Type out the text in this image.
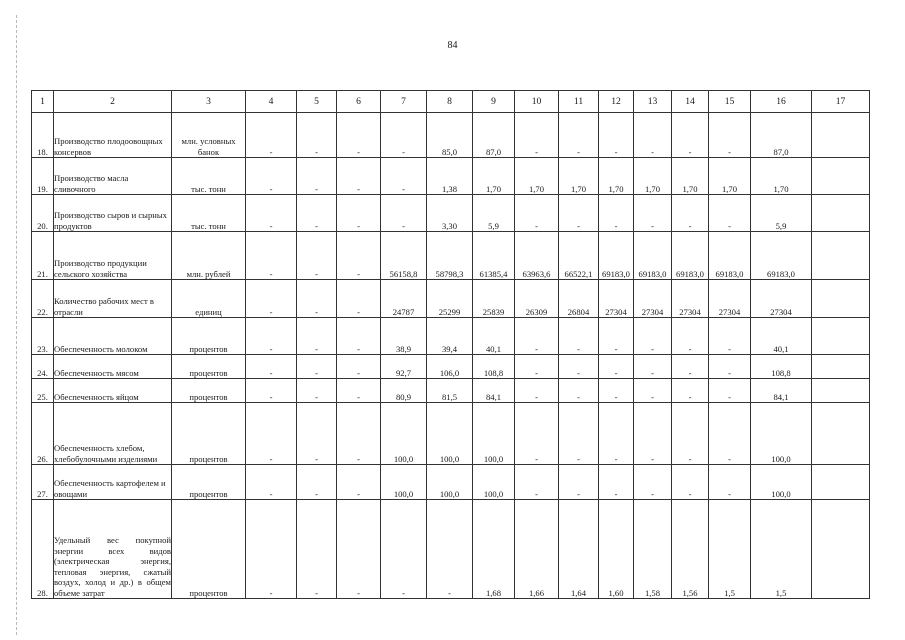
84
1	2	3	4	5	6	7	8	9	10	11	12	13	14	15	16	17
18.	Производство плодоовощных консервов	млн. условных банок	-	-	-	-	85,0	87,0	-	-	-	-	-	-	87,0	
19.	Производство масла сливочного	тыс. тонн	-	-	-	-	1,38	1,70	1,70	1,70	1,70	1,70	1,70	1,70	1,70	
20.	Производство сыров и сырных продуктов	тыс. тонн	-	-	-	-	3,30	5,9	-	-	-	-	-	-	5,9	
21.	Производство продукции сельского хозяйства	млн. рублей	-	-	-	56158,8	58798,3	61385,4	63963,6	66522,1	69183,0	69183,0	69183,0	69183,0	69183,0	
22.	Количество рабочих мест в отрасли	единиц	-	-	-	24787	25299	25839	26309	26804	27304	27304	27304	27304	27304	
23.	Обеспеченность молоком	процентов	-	-	-	38,9	39,4	40,1	-	-	-	-	-	-	40,1	
24.	Обеспеченность мясом	процентов	-	-	-	92,7	106,0	108,8	-	-	-	-	-	-	108,8	
25.	Обеспеченность яйцом	процентов	-	-	-	80,9	81,5	84,1	-	-	-	-	-	-	84,1	
26.	Обеспеченность хлебом, хлебобулочными изделиями	процентов	-	-	-	100,0	100,0	100,0	-	-	-	-	-	-	100,0	
27.	Обеспеченность картофелем и овощами	процентов	-	-	-	100,0	100,0	100,0	-	-	-	-	-	-	100,0	
28.	Удельный вес покупной энергии всех видов (электрическая энергия, тепловая энергия, сжатый воздух, холод и др.) в общем объеме затрат	процентов	-	-	-	-	-	1,68	1,66	1,64	1,60	1,58	1,56	1,5	1,5	
